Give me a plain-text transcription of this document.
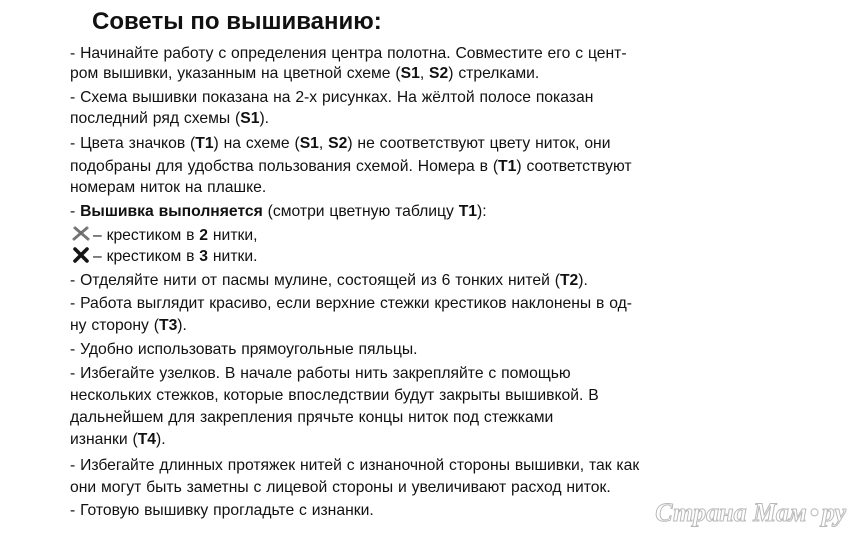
Советы по вышиванию:

- Начинайте работу с определения центра полотна. Совместите его с цент-

ром вышивки, указанным на цветной схеме (S1, S2) стрелками.

- Схема вышивки показана на 2-х рисунках. На жёлтой полосе показан

последний ряд схемы (S1).

- Цвета значков (T1) на схеме (S1, S2) не соответствуют цвету ниток, они

подобраны для удобства пользования схемой. Номера в (T1) соответствуют

номерам ниток на плашке.

- Вышивка выполняется (смотри цветную таблицу T1):

– крестиком в 2 нитки,

– крестиком в 3 нитки.

- Отделяйте нити от пасмы мулине, состоящей из 6 тонких нитей (T2).

- Работа выглядит красиво, если верхние стежки крестиков наклонены в од-

ну сторону (T3).

- Удобно использовать прямоугольные пяльцы.

- Избегайте узелков. В начале работы нить закрепляйте с помощью

нескольких стежков, которые впоследствии будут закрыты вышивкой. В

дальнейшем для закрепления прячьте концы ниток под стежками

изнанки (T4).

- Избегайте длинных протяжек нитей с изнаночной стороны вышивки, так как

они могут быть заметны с лицевой стороны и увеличивают расход ниток.

- Готовую вышивку проглад​ьте с изнанки.	Страна Мам • ру
